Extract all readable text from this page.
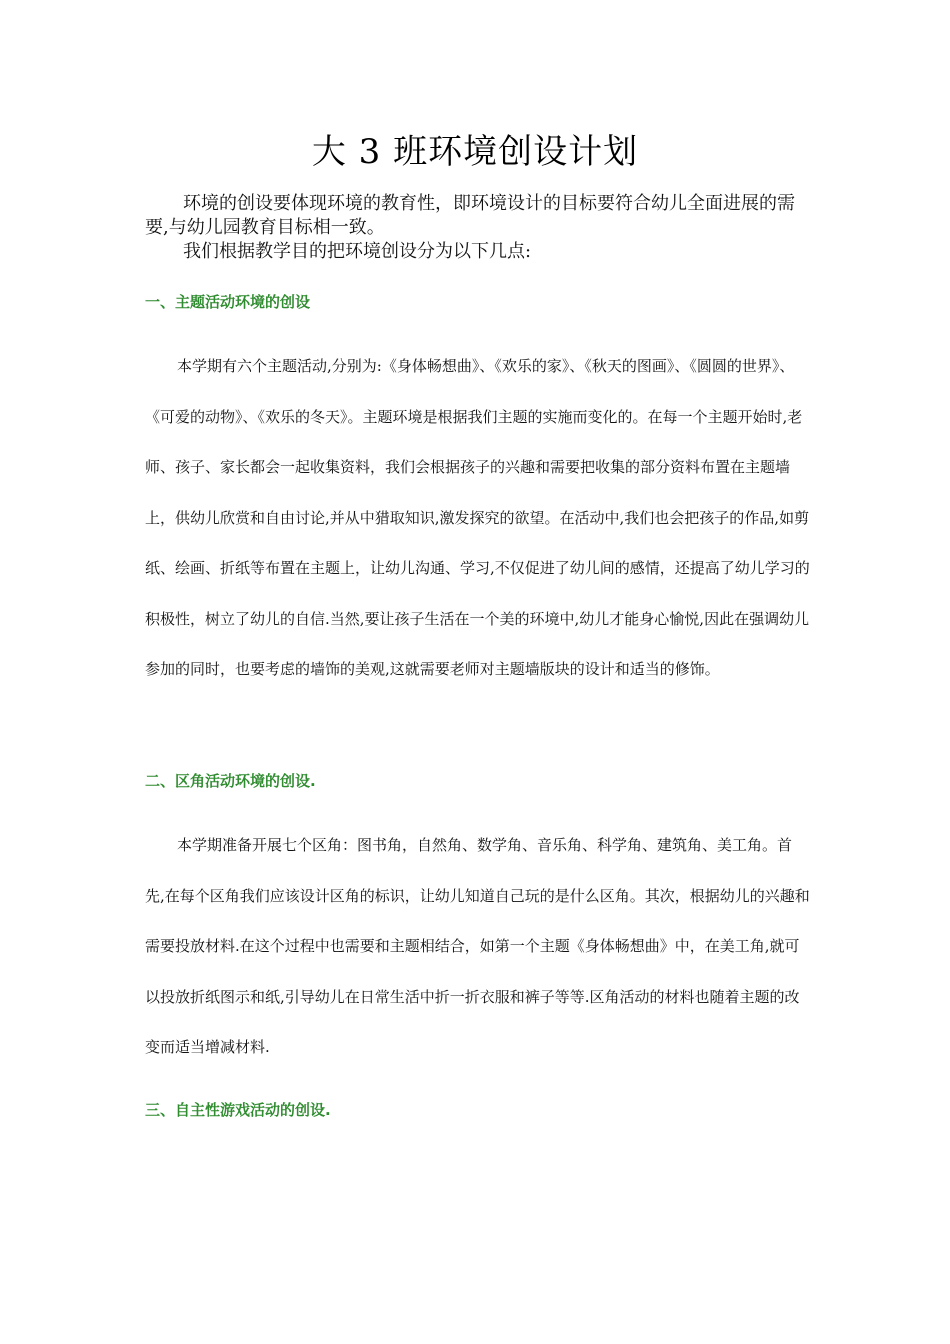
大 3 班环境创设计划

环境的创设要体现环境的教育性，即环境设计的目标要符合幼儿全面进展的需要,与幼儿园教育目标相一致。

我们根据教学目的把环境创设分为以下几点:

一、主题活动环境的创设

本学期有六个主题活动,分别为:《身体畅想曲》、《欢乐的家》、《秋天的图画》、《圆圆的世界》、《可爱的动物》、《欢乐的冬天》。主题环境是根据我们主题的实施而变化的。在每一个主题开始时,老师、孩子、家长都会一起收集资料，我们会根据孩子的兴趣和需要把收集的部分资料布置在主题墙上，供幼儿欣赏和自由讨论,并从中猎取知识,激发探究的欲望。在活动中,我们也会把孩子的作品,如剪纸、绘画、折纸等布置在主题上，让幼儿沟通、学习,不仅促进了幼儿间的感情，还提高了幼儿学习的积极性，树立了幼儿的自信.当然,要让孩子生活在一个美的环境中,幼儿才能身心愉悦,因此在强调幼儿参加的同时，也要考虑的墙饰的美观,这就需要老师对主题墙版块的设计和适当的修饰。

二、区角活动环境的创设.

本学期准备开展七个区角：图书角，自然角、数学角、音乐角、科学角、建筑角、美工角。首先,在每个区角我们应该设计区角的标识，让幼儿知道自己玩的是什么区角。其次，根据幼儿的兴趣和需要投放材料.在这个过程中也需要和主题相结合，如第一个主题《身体畅想曲》中，在美工角,就可以投放折纸图示和纸,引导幼儿在日常生活中折一折衣服和裤子等等.区角活动的材料也随着主题的改变而适当增减材料.

三、自主性游戏活动的创设.
